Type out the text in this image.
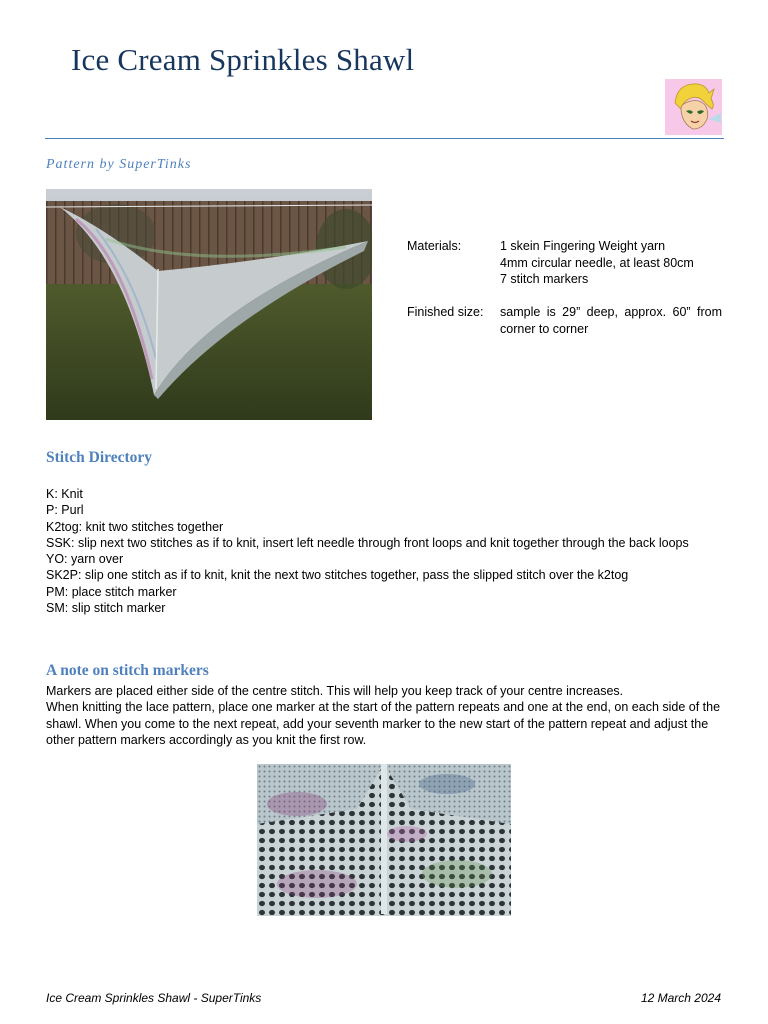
Ice Cream Sprinkles Shawl

Pattern by SuperTinks

Materials:	1 skein Fingering Weight yarn
4mm circular needle, at least 80cm
7 stitch markers
Finished size: sample is 29” deep, approx. 60” from
corner to corner
Stitch Directory
K: Knit
P: Purl
K2tog: knit two stitches together
SSK: slip next two stitches as if to knit, insert left needle through front loops and knit together through the back loops
YO: yarn over
SK2P: slip one stitch as if to knit, knit the next two stitches together, pass the slipped stitch over the k2tog
PM: place stitch marker
SM: slip stitch marker
A note on stitch markers

Markers are placed either side of the centre stitch. This will help you keep track of your centre increases.

When knitting the lace pattern, place one marker at the start of the pattern repeats and one at the end, on each side of the shawl. When you come to the next repeat, add your seventh marker to the new start of the pattern repeat and adjust the other pattern markers accordingly as you knit the first row.

Ice Cream Sprinkles Shawl - SuperTinks	12 March 2024
